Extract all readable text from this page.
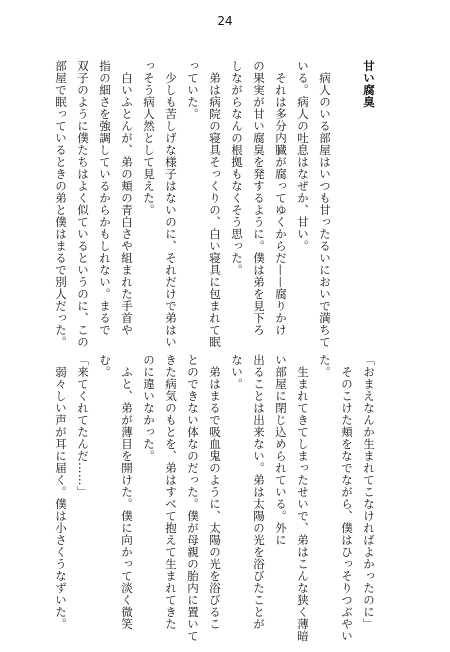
24
甘い腐臭
　病人のいる部屋はいつも甘ったるいにおいで満ちて
いる。病人の吐息はなぜか、甘い。
　それは多分内臓が腐ってゆくからだ——腐りかけ
の果実が甘い腐臭を発するように。僕は弟を見下ろ
しながらなんの根拠もなくそう思った。
　弟は病院の寝具そっくりの、白い寝具に包まれて眠
っていた。
　少しも苦しげな様子はないのに、それだけで弟はい
っそう病人然として見えた。
　白いふとんが、弟の頬の青白さや組まれた手首や
指の細さを強調しているからかもしれない。まるで
双子のように僕たちはよく似ているというのに、この
部屋で眠っているときの弟と僕はまるで別人だった。
「おまえなんか生まれてこなければよかったのに」
　そのこけた頬をなでながら、僕はひっそりつぶやい
た。
　生まれてきてしまったせいで、弟はこんな狭く薄暗
い部屋に閉じ込められている。外に
出ることは出来ない。弟は太陽の光を浴びたことが
ない。
　弟はまるで吸血鬼のように、太陽の光を浴びるこ
とのできない体なのだった。僕が母親の胎内に置いて
きた病気のもとを、弟はすべて抱えて生まれてきた
のに違いなかった。
　ふと、弟が薄目を開けた。僕に向かって淡く微笑
む。
「来てくれてたんだ……」
　弱々しい声が耳に届く。僕は小さくうなずいた。
